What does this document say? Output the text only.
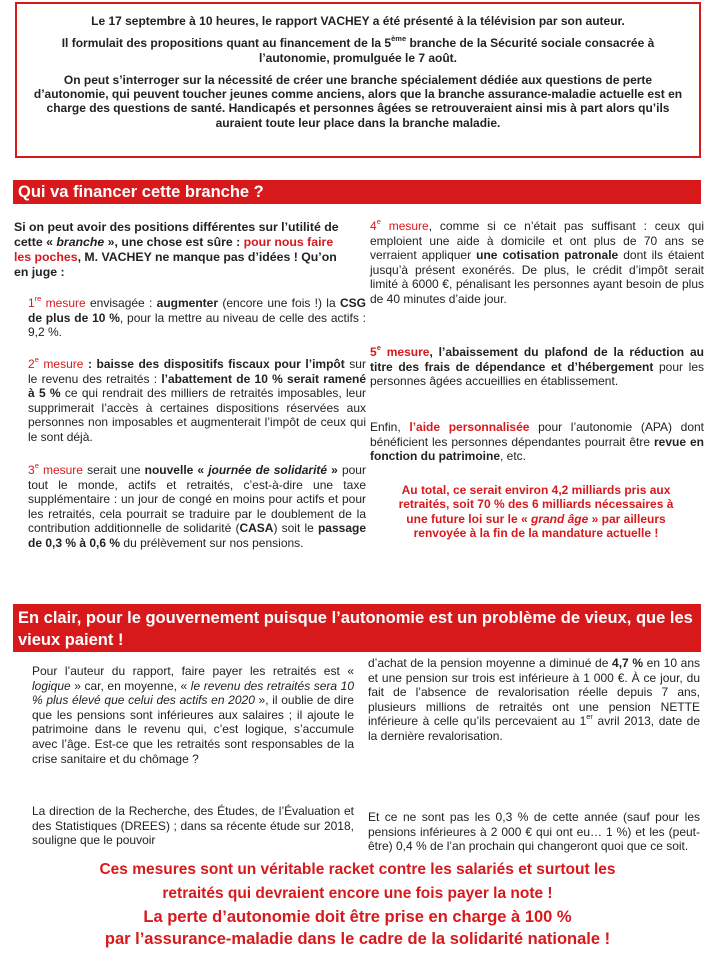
Le 17 septembre à 10 heures, le rapport VACHEY a été présenté à la télévision par son auteur.

Il formulait des propositions quant au financement de la 5ème branche de la Sécurité sociale consacrée à l’autonomie, promulguée le 7 août.

On peut s’interroger sur la nécessité de créer une branche spécialement dédiée aux questions de perte d’autonomie, qui peuvent toucher jeunes comme anciens, alors que la branche assurance-maladie actuelle est en charge des questions de santé. Handicapés et personnes âgées se retrouveraient ainsi mis à part alors qu’ils auraient toute leur place dans la branche maladie.

Qui va financer cette branche ?
Si on peut avoir des positions différentes sur l’utilité de cette « branche », une chose est sûre : pour nous faire les poches, M. VACHEY ne manque pas d’idées ! Qu’on en juge :

1re mesure envisagée : augmenter (encore une fois !) la CSG de plus de 10 %, pour la mettre au niveau de celle des actifs : 9,2 %.

2e mesure : baisse des dispositifs fiscaux pour l’impôt sur le revenu des retraités : l’abattement de 10 % serait ramené à 5 % ce qui rendrait des milliers de retraités imposables, leur supprimerait l’accès à certaines dispositions réservées aux personnes non imposables et augmenterait l’impôt de ceux qui le sont déjà.

3e mesure serait une nouvelle « journée de solidarité » pour tout le monde, actifs et retraités, c’est-à-dire une taxe supplémentaire : un jour de congé en moins pour actifs et pour les retraités, cela pourrait se traduire par le doublement de la contribution additionnelle de solidarité (CASA) soit le passage de 0,3 % à 0,6 % du prélèvement sur nos pensions.

4e mesure, comme si ce n’était pas suffisant : ceux qui emploient une aide à domicile et ont plus de 70 ans se verraient appliquer une cotisation patronale dont ils étaient jusqu’à présent exonérés. De plus, le crédit d’impôt serait limité à 6000 €, pénalisant les personnes ayant besoin de plus de 40 minutes d’aide jour.

5e mesure, l’abaissement du plafond de la réduction au titre des frais de dépendance et d’hébergement pour les personnes âgées accueillies en établissement.

Enfin, l’aide personnalisée pour l’autonomie (APA) dont bénéficient les personnes dépendantes pourrait être revue en fonction du patrimoine, etc.

Au total, ce serait environ 4,2 milliards pris aux retraités, soit 70 % des 6 milliards nécessaires à une future loi sur le « grand âge » par ailleurs renvoyée à la fin de la mandature actuelle !
En clair, pour le gouvernement puisque l’autonomie est un problème de vieux, que les vieux paient !

Pour l’auteur du rapport, faire payer les retraités est « logique » car, en moyenne, « le revenu des retraités sera 10 % plus élevé que celui des actifs en 2020 », il oublie de dire que les pensions sont inférieures aux salaires ; il ajoute le patrimoine dans le revenu qui, c’est logique, s’accumule avec l’âge. Est-ce que les retraités sont responsables de la crise sanitaire et du chômage ?

La direction de la Recherche, des Études, de l’Évaluation et des Statistiques (DREES) ; dans sa récente étude sur 2018, souligne que le pouvoir

d’achat de la pension moyenne a diminué de 4,7 % en 10 ans et une pension sur trois est inférieure à 1 000 €. À ce jour, du fait de l’absence de revalorisation réelle depuis 7 ans, plusieurs millions de retraités ont une pension NETTE inférieure à celle qu’ils percevaient au 1er avril 2013, date de la dernière revalorisation.

Et ce ne sont pas les 0,3 % de cette année (sauf pour les pensions inférieures à 2 000 € qui ont eu… 1 %) et les (peut-être) 0,4 % de l’an prochain qui changeront quoi que ce soit.

Ces mesures sont un véritable racket contre les salariés et surtout les

retraités qui devraient encore une fois payer la note !

La perte d’autonomie doit être prise en charge à 100 %

par l’assurance-maladie dans le cadre de la solidarité nationale !
